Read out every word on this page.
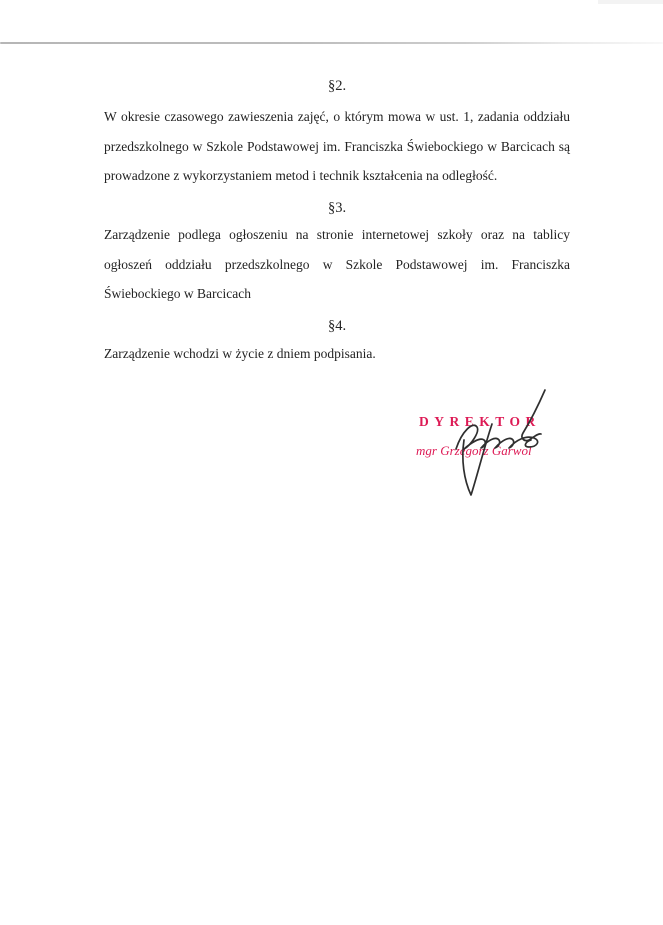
§2.
W okresie czasowego zawieszenia zajęć, o którym mowa w ust. 1, zadania oddziału
przedszkolnego w Szkole Podstawowej im. Franciszka Świebockiego w Barcicach są
prowadzone z wykorzystaniem metod i technik kształcenia na odległość.
§3.
Zarządzenie podlega ogłoszeniu na stronie internetowej szkoły oraz na tablicy
ogłoszeń oddziału przedszkolnego w Szkole Podstawowej im. Franciszka
Świebockiego w Barcicach
§4.
Zarządzenie wchodzi w życie z dniem podpisania.
DYREKTOR
mgr Grzegorz Garwol
